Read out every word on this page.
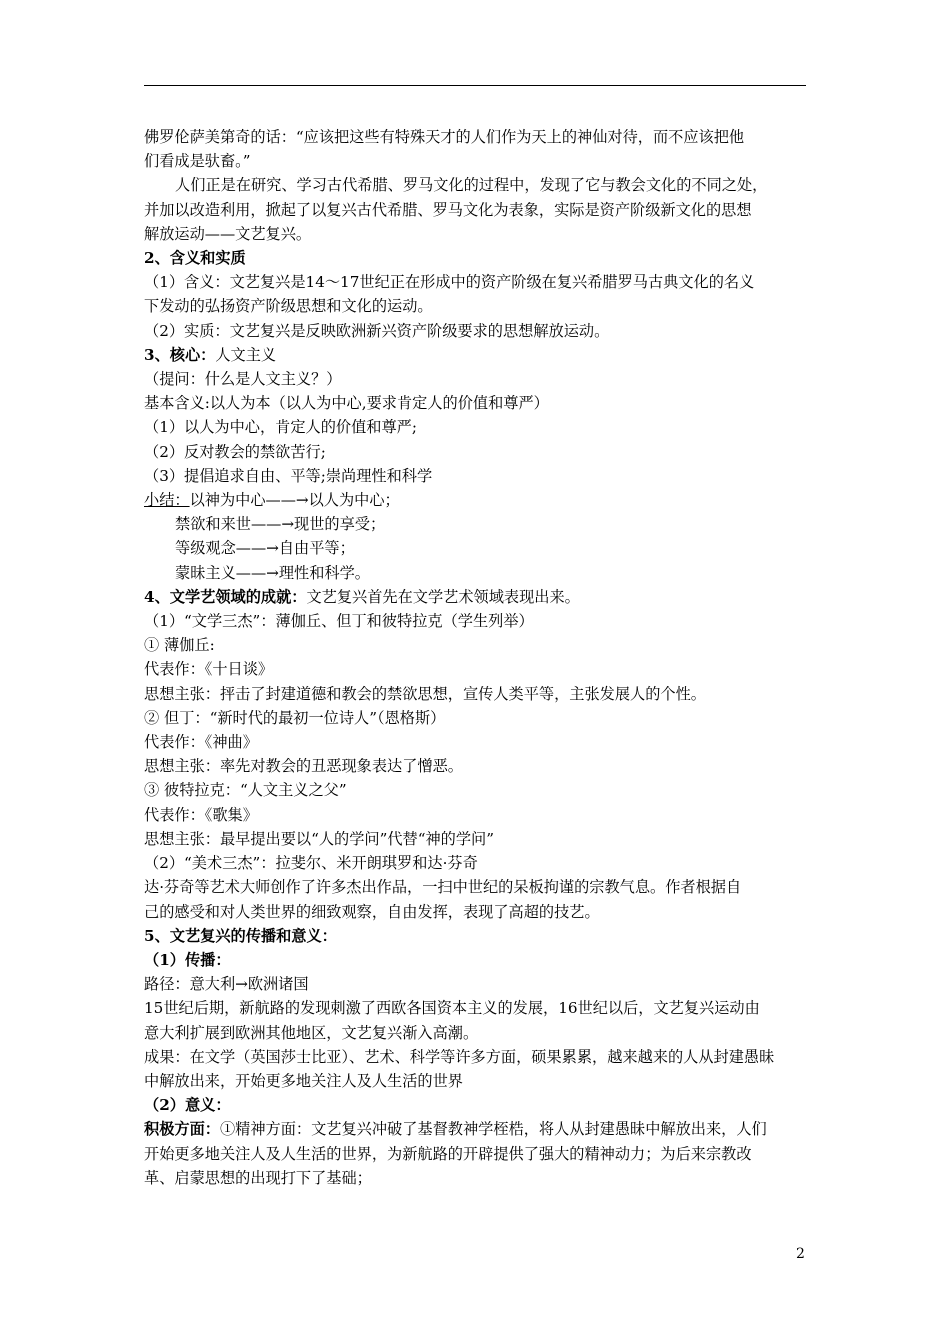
佛罗伦萨美第奇的话：“应该把这些有特殊天才的人们作为天上的神仙对待，而不应该把他
们看成是驮畜。”
人们正是在研究、学习古代希腊、罗马文化的过程中，发现了它与教会文化的不同之处，
并加以改造利用，掀起了以复兴古代希腊、罗马文化为表象，实际是资产阶级新文化的思想
解放运动——文艺复兴。
2、含义和实质
（1）含义：文艺复兴是14～17世纪正在形成中的资产阶级在复兴希腊罗马古典文化的名义
下发动的弘扬资产阶级思想和文化的运动。
（2）实质：文艺复兴是反映欧洲新兴资产阶级要求的思想解放运动。
3、核心：人文主义
（提问：什么是人文主义？）
基本含义:以人为本（以人为中心,要求肯定人的价值和尊严）
（1）以人为中心，肯定人的价值和尊严;
（2）反对教会的禁欲苦行;
（3）提倡追求自由、平等;崇尚理性和科学
小结：以神为中心——→以人为中心；
禁欲和来世——→现世的享受；
等级观念——→自由平等；
蒙昧主义——→理性和科学。
4、文学艺领域的成就：文艺复兴首先在文学艺术领域表现出来。
（1）“文学三杰”：薄伽丘、但丁和彼特拉克（学生列举）
① 薄伽丘:
代表作：《十日谈》
思想主张：抨击了封建道德和教会的禁欲思想，宣传人类平等，主张发展人的个性。
② 但丁：“新时代的最初一位诗人”（恩格斯）
代表作：《神曲》
思想主张：率先对教会的丑恶现象表达了憎恶。
③ 彼特拉克：“人文主义之父”
代表作：《歌集》
思想主张：最早提出要以“人的学问”代替“神的学问”
（2）“美术三杰”：拉斐尔、米开朗琪罗和达·芬奇
达·芬奇等艺术大师创作了许多杰出作品，一扫中世纪的呆板拘谨的宗教气息。作者根据自
己的感受和对人类世界的细致观察，自由发挥，表现了高超的技艺。
5、文艺复兴的传播和意义：
（1）传播：
路径：意大利→欧洲诸国
15世纪后期，新航路的发现刺激了西欧各国资本主义的发展，16世纪以后，文艺复兴运动由
意大利扩展到欧洲其他地区，文艺复兴渐入高潮。
成果：在文学（英国莎士比亚）、艺术、科学等许多方面，硕果累累，越来越来的人从封建愚昧
中解放出来，开始更多地关注人及人生活的世界
（2）意义：
积极方面：①精神方面：文艺复兴冲破了基督教神学桎梏，将人从封建愚昧中解放出来，人们
开始更多地关注人及人生活的世界，为新航路的开辟提供了强大的精神动力；为后来宗教改
革、启蒙思想的出现打下了基础；
2
